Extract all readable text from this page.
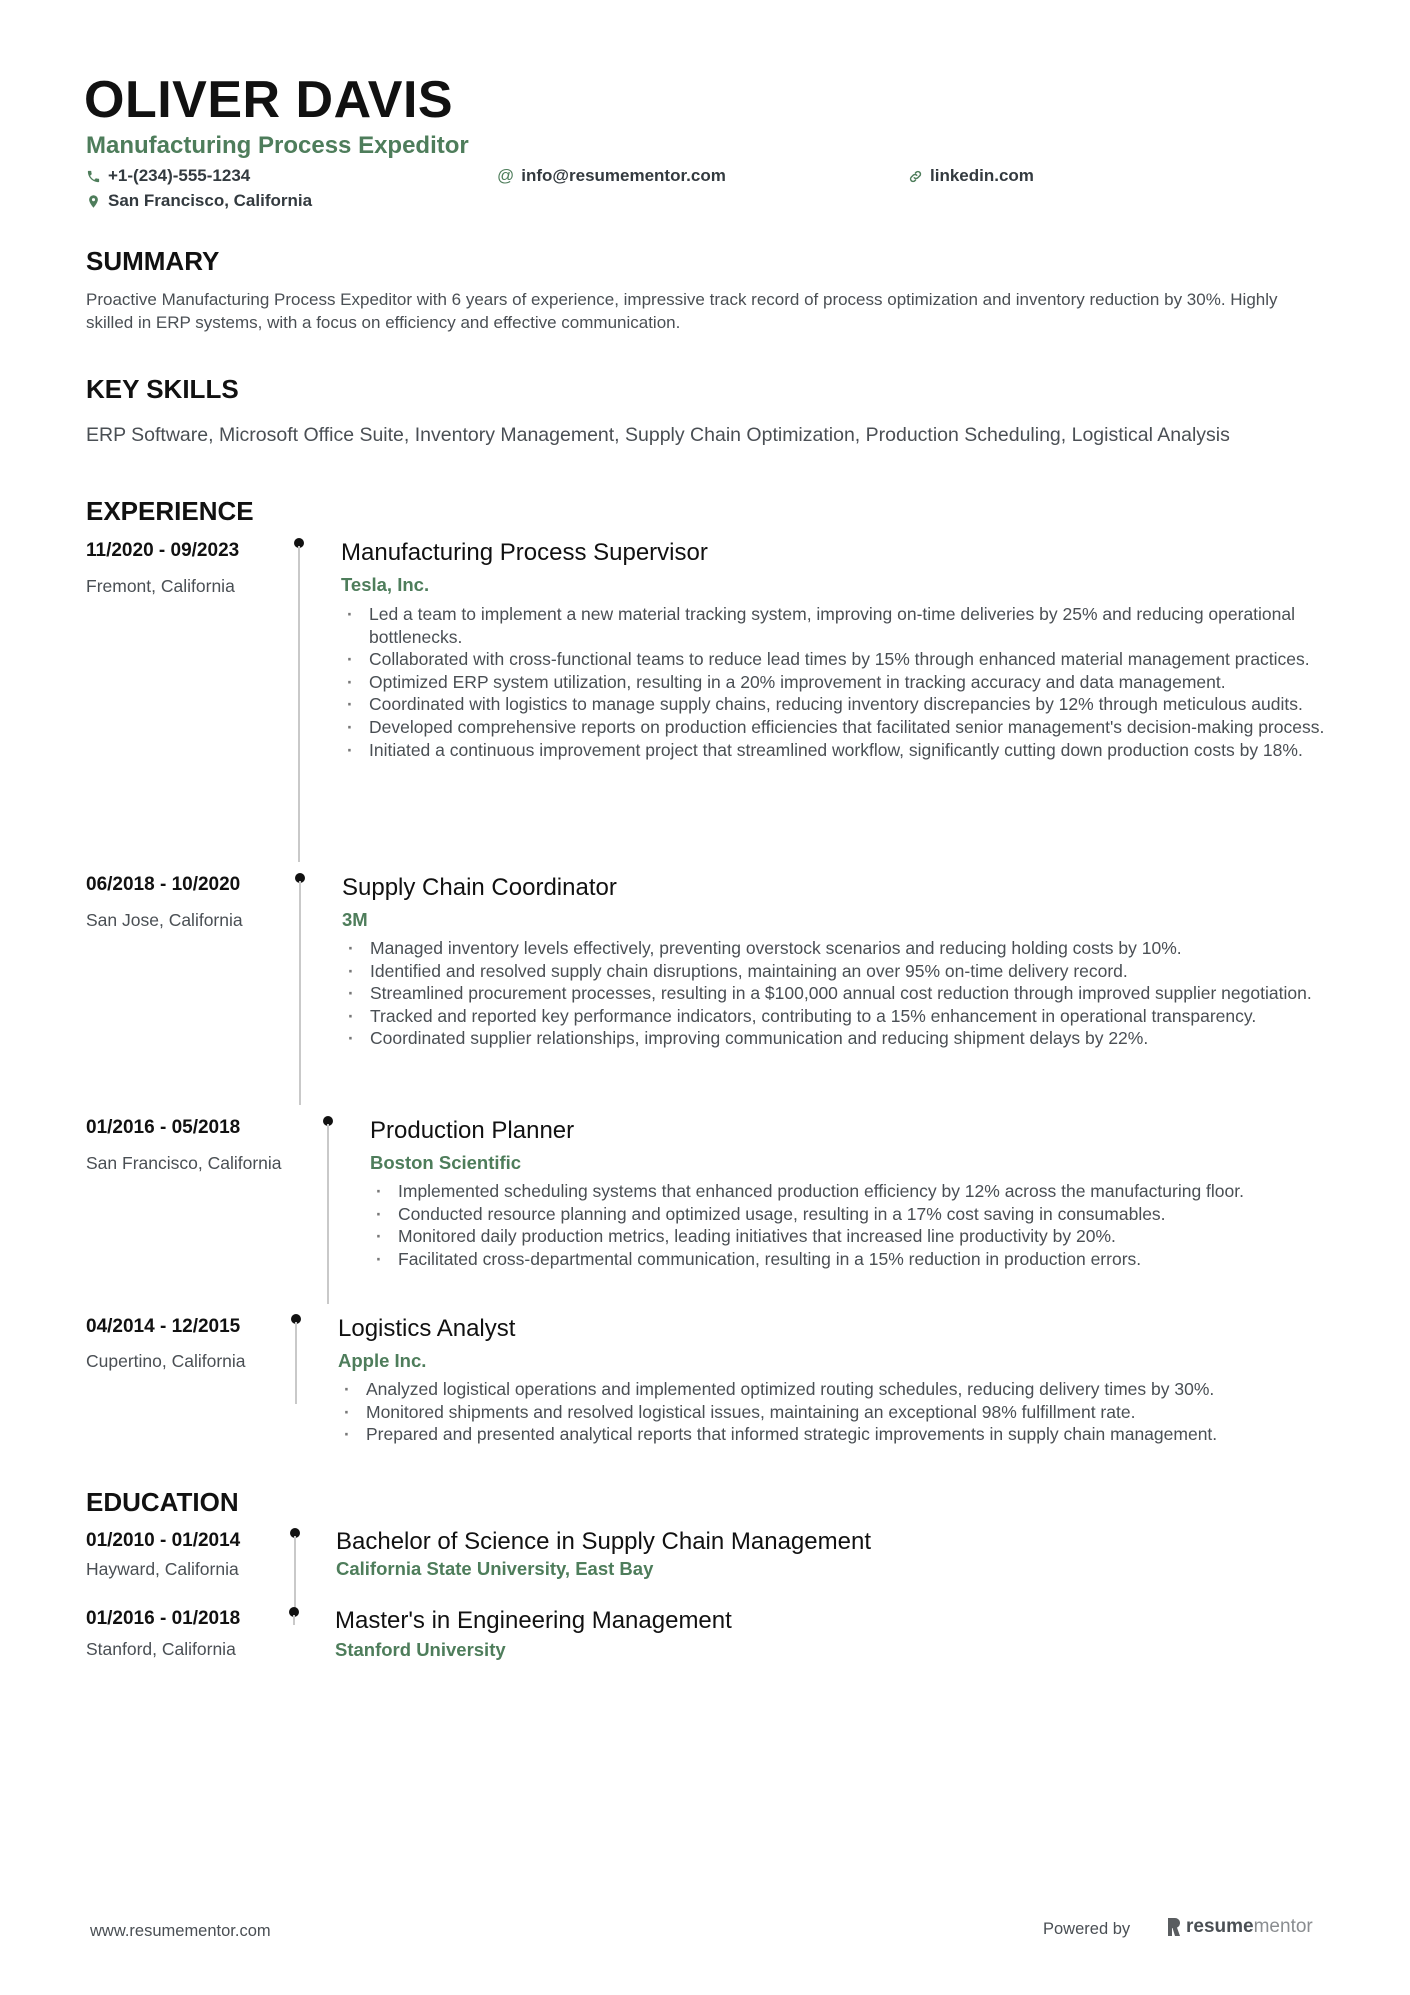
OLIVER DAVIS
Manufacturing Process Expeditor
+1-(234)-555-1234	@ info@resumementor.com	linkedin.com
San Francisco, California
SUMMARY
Proactive Manufacturing Process Expeditor with 6 years of experience, impressive track record of process optimization and inventory reduction by 30%. Highly skilled in ERP systems, with a focus on efficiency and effective communication.
KEY SKILLS
ERP Software, Microsoft Office Suite, Inventory Management, Supply Chain Optimization, Production Scheduling, Logistical Analysis
EXPERIENCE
11/2020 - 09/2023
Fremont, California
Manufacturing Process Supervisor
Tesla, Inc.
· Led a team to implement a new material tracking system, improving on-time deliveries by 25% and reducing operational bottlenecks.
· Collaborated with cross-functional teams to reduce lead times by 15% through enhanced material management practices.
· Optimized ERP system utilization, resulting in a 20% improvement in tracking accuracy and data management.
· Coordinated with logistics to manage supply chains, reducing inventory discrepancies by 12% through meticulous audits.
· Developed comprehensive reports on production efficiencies that facilitated senior management's decision-making process.
· Initiated a continuous improvement project that streamlined workflow, significantly cutting down production costs by 18%.
06/2018 - 10/2020
San Jose, California
Supply Chain Coordinator
3M
· Managed inventory levels effectively, preventing overstock scenarios and reducing holding costs by 10%.
· Identified and resolved supply chain disruptions, maintaining an over 95% on-time delivery record.
· Streamlined procurement processes, resulting in a $100,000 annual cost reduction through improved supplier negotiation.
· Tracked and reported key performance indicators, contributing to a 15% enhancement in operational transparency.
· Coordinated supplier relationships, improving communication and reducing shipment delays by 22%.
01/2016 - 05/2018
San Francisco, California
Production Planner
Boston Scientific
· Implemented scheduling systems that enhanced production efficiency by 12% across the manufacturing floor.
· Conducted resource planning and optimized usage, resulting in a 17% cost saving in consumables.
· Monitored daily production metrics, leading initiatives that increased line productivity by 20%.
· Facilitated cross-departmental communication, resulting in a 15% reduction in production errors.
04/2014 - 12/2015
Cupertino, California
Logistics Analyst
Apple Inc.
· Analyzed logistical operations and implemented optimized routing schedules, reducing delivery times by 30%.
· Monitored shipments and resolved logistical issues, maintaining an exceptional 98% fulfillment rate.
· Prepared and presented analytical reports that informed strategic improvements in supply chain management.
EDUCATION
01/2010 - 01/2014
Hayward, California
Bachelor of Science in Supply Chain Management
California State University, East Bay
01/2016 - 01/2018
Stanford, California
Master's in Engineering Management
Stanford University
www.resumementor.com	Powered by	resumementor
